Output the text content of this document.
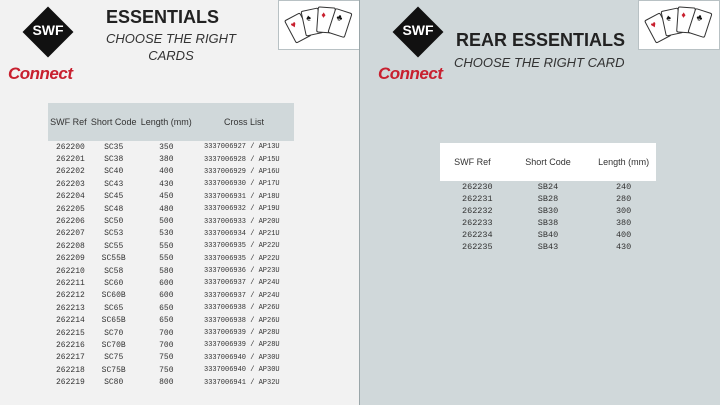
SWF
Connect
ESSENTIALS
CHOOSE THE RIGHT
CARDS
♥
♠ ♦ ♣
SWF Ref	Short Code	Length (mm)	Cross List
262200	SC35	350	3337006927 / AP13U
262201	SC38	380	3337006928 / AP15U
262202	SC40	400	3337006929 / AP16U
262203	SC43	430	3337006930 / AP17U
262204	SC45	450	3337006931 / AP18U
262205	SC48	480	3337006932 / AP19U
262206	SC50	500	3337006933 / AP20U
262207	SC53	530	3337006934 / AP21U
262208	SC55	550	3337006935 / AP22U
262209	SC55B	550	3337006935 / AP22U
262210	SC58	580	3337006936 / AP23U
262211	SC60	600	3337006937 / AP24U
262212	SC60B	600	3337006937 / AP24U
262213	SC65	650	3337006938 / AP26U
262214	SC65B	650	3337006938 / AP26U
262215	SC70	700	3337006939 / AP28U
262216	SC70B	700	3337006939 / AP28U
262217	SC75	750	3337006940 / AP30U
262218	SC75B	750	3337006940 / AP30U
262219	SC80	800	3337006941 / AP32U
SWF
Connect
REAR ESSENTIALS
CHOOSE THE RIGHT CARD
♥
♠ ♦ ♣
SWF Ref	Short Code	Length (mm)
262230	SB24	240
262231	SB28	280
262232	SB30	300
262233	SB38	380
262234	SB40	400
262235	SB43	430
